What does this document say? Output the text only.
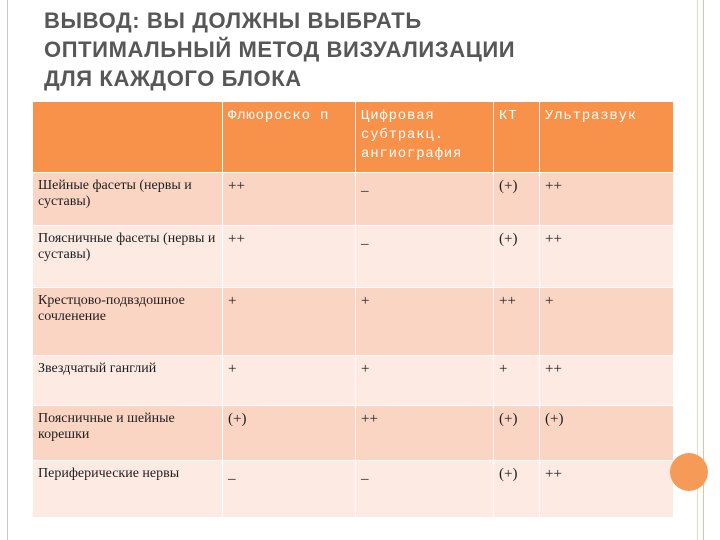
ВЫВОД: ВЫ ДОЛЖНЫ ВЫБРАТЬ
ОПТИМАЛЬНЫЙ МЕТОД ВИЗУАЛИЗАЦИИ
ДЛЯ КАЖДОГО БЛОКА
	Флюороско п	Цифровая субтракц. ангиография	КТ	Ультразвук
Шейные фасеты (нервы и суставы)	++	_	(+)	++
Поясничные фасеты (нервы и суставы)	++	_	(+)	++
Крестцово-подвздошное сочленение	+	+	++	+
Звездчатый ганглий	+	+	+	++
Поясничные и шейные корешки	(+)	++	(+)	(+)
Периферические нервы	_	_	(+)	++
